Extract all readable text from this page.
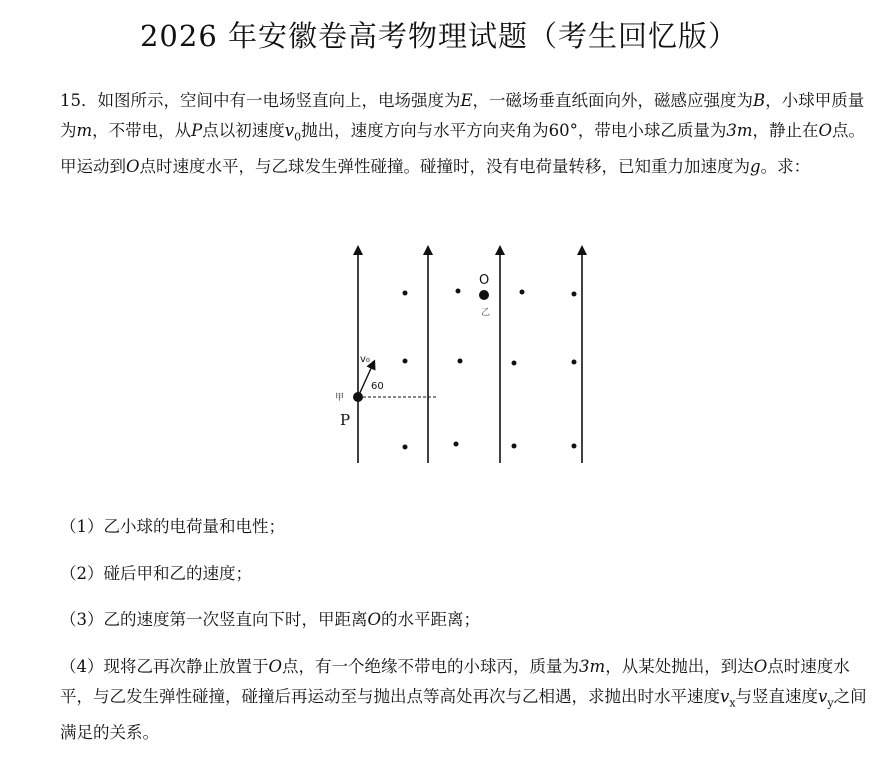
2026 年安徽卷高考物理试题（考生回忆版）

15．如图所示，空间中有一电场竖直向上，电场强度为E，一磁场垂直纸面向外，磁感应强度为B，小球甲质量为m，不带电，从P点以初速度$v_0$抛出，速度方向与水平方向夹角为60°，带电小球乙质量为3m，静止在O点。甲运动到O点时速度水平，与乙球发生弹性碰撞。碰撞时，没有电荷量转移，已知重力加速度为g。求：

O
乙
v₀
60
甲
P

（1）乙小球的电荷量和电性；

（2）碰后甲和乙的速度；

（3）乙的速度第一次竖直向下时，甲距离O的水平距离；

（4）现将乙再次静止放置于O点，有一个绝缘不带电的小球丙，质量为3m，从某处抛出，到达O点时速度水平，与乙发生弹性碰撞，碰撞后再运动至与抛出点等高处再次与乙相遇，求抛出时水平速度$v_x$与竖直速度$v_y$之间满足的关系。
